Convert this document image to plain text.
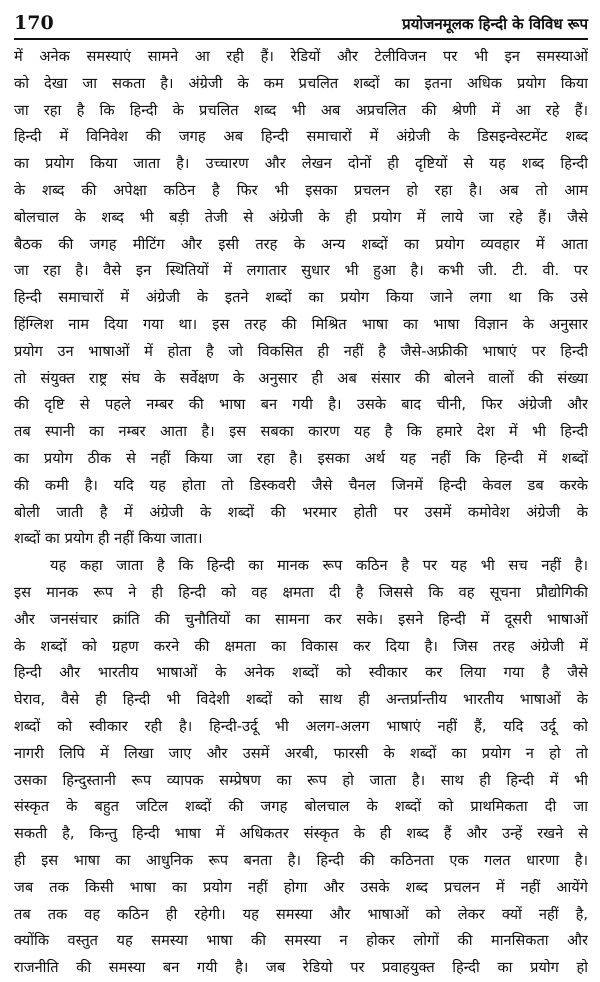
170	प्रयोजनमूलक हिन्दी के विविध रूप
में अनेक समस्याएं सामने आ रही हैं। रेडियों और टेलीविजन पर भी इन समस्याओं
को देखा जा सकता है। अंग्रेजी के कम प्रचलित शब्दों का इतना अधिक प्रयोग किया
जा रहा है कि हिन्दी के प्रचलित शब्द भी अब अप्रचलित की श्रेणी में आ रहे हैं।
हिन्दी में विनिवेश की जगह अब हिन्दी समाचारों में अंग्रेजी के डिसइन्वेस्टमेंट शब्द
का प्रयोग किया जाता है। उच्चारण और लेखन दोनों ही दृष्टियों से यह शब्द हिन्दी
के शब्द की अपेक्षा कठिन है फिर भी इसका प्रचलन हो रहा है। अब तो आम
बोलचाल के शब्द भी बड़ी तेजी से अंग्रेजी के ही प्रयोग में लाये जा रहे हैं। जैसे
बैठक की जगह मीटिंग और इसी तरह के अन्य शब्दों का प्रयोग व्यवहार में आता
जा रहा है। वैसे इन स्थितियों में लगातार सुधार भी हुआ है। कभी जी. टी. वी. पर
हिन्दी समाचारों में अंग्रेजी के इतने शब्दों का प्रयोग किया जाने लगा था कि उसे
हिंग्लिश नाम दिया गया था। इस तरह की मिश्रित भाषा का भाषा विज्ञान के अनुसार
प्रयोग उन भाषाओं में होता है जो विकसित ही नहीं है जैसे-अफ्रीकी भाषाएं पर हिन्दी
तो संयुक्त राष्ट्र संघ के सर्वेक्षण के अनुसार ही अब संसार की बोलने वालों की संख्या
की दृष्टि से पहले नम्बर की भाषा बन गयी है। उसके बाद चीनी, फिर अंग्रेजी और
तब स्पानी का नम्बर आता है। इस सबका कारण यह है कि हमारे देश में भी हिन्दी
का प्रयोग ठीक से नहीं किया जा रहा है। इसका अर्थ यह नहीं कि हिन्दी में शब्दों
की कमी है। यदि यह होता तो डिस्कवरी जैसे चैनल जिनमें हिन्दी केवल डब करके
बोली जाती है में अंग्रेजी के शब्दों की भरमार होती पर उसमें कमोवेश अंग्रेजी के
शब्दों का प्रयोग ही नहीं किया जाता।
यह कहा जाता है कि हिन्दी का मानक रूप कठिन है पर यह भी सच नहीं है।
इस मानक रूप ने ही हिन्दी को वह क्षमता दी है जिससे कि वह सूचना प्रौद्योगिकी
और जनसंचार क्रांति की चुनौतियों का सामना कर सके। इसने हिन्दी में दूसरी भाषाओं
के शब्दों को ग्रहण करने की क्षमता का विकास कर दिया है। जिस तरह अंग्रेजी में
हिन्दी और भारतीय भाषाओं के अनेक शब्दों को स्वीकार कर लिया गया है जैसे
घेराव, वैसे ही हिन्दी भी विदेशी शब्दों को साथ ही अन्तर्प्रान्तीय भारतीय भाषाओं के
शब्दों को स्वीकार रही है। हिन्दी-उर्दू भी अलग-अलग भाषाएं नहीं हैं, यदि उर्दू को
नागरी लिपि में लिखा जाए और उसमें अरबी, फारसी के शब्दों का प्रयोग न हो तो
उसका हिन्दुस्तानी रूप व्यापक सम्प्रेषण का रूप हो जाता है। साथ ही हिन्दी में भी
संस्कृत के बहुत जटिल शब्दों की जगह बोलचाल के शब्दों को प्राथमिकता दी जा
सकती है, किन्तु हिन्दी भाषा में अधिकतर संस्कृत के ही शब्द हैं और उन्हें रखने से
ही इस भाषा का आधुनिक रूप बनता है। हिन्दी की कठिनता एक गलत धारणा है।
जब तक किसी भाषा का प्रयोग नहीं होगा और उसके शब्द प्रचलन में नहीं आयेंगे
तब तक वह कठिन ही रहेगी। यह समस्या और भाषाओं को लेकर क्यों नहीं है,
क्योंकि वस्तुत यह समस्या भाषा की समस्या न होकर लोगों की मानसिकता और
राजनीति की समस्या बन गयी है। जब रेडियो पर प्रवाहयुक्त हिन्दी का प्रयोग हो
